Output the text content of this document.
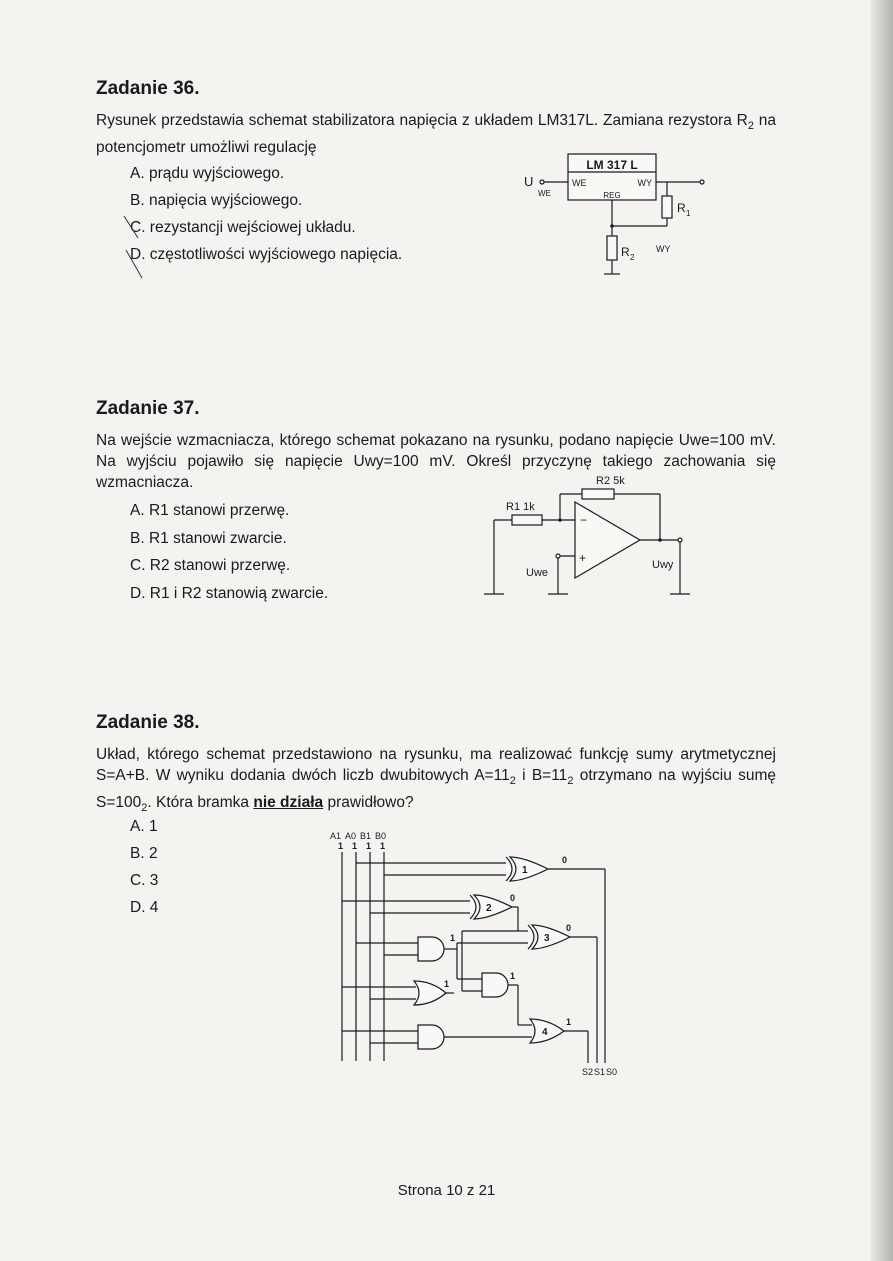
Zadanie 36.

Rysunek przedstawia schemat stabilizatora napięcia z układem LM317L. Zamiana rezystora $R_2$ na potencjometr umożliwi regulację

A. prądu wyjściowego.
B. napięcia wyjściowego.
C. rezystancji wejściowej układu.
D. częstotliwości wyjściowego napięcia.
LM 317 L
WE	WY
REG
U
WE
R 1
R 2
WY
Zadanie 37.

Na wejście wzmacniacza, którego schemat pokazano na rysunku, podano napięcie Uwe=100 mV. Na wyjściu pojawiło się napięcie Uwy=100 mV. Określ przyczynę takiego zachowania się wzmacniacza.

A. R1 stanowi przerwę.
B. R1 stanowi zwarcie.
C. R2 stanowi przerwę.
D. R1 i R2 stanowią zwarcie.
−
+
R1 1k
R2 5k
Uwy
Uwe
Zadanie 38.

Układ, którego schemat przedstawiono na rysunku, ma realizować funkcję sumy arytmetycznej S=A+B. W wyniku dodania dwóch liczb dwubitowych $A=11_2$ i $B=11_2$ otrzymano na wyjściu sumę $S=100_2$. Która bramka nie działa prawidłowo?

A. 1
B. 2
C. 3
D. 4
A1 A0 B1 B0
1 1 1 1
1
0
2
0
3
0
1
1
1
4
1
S2 S1 S0
Strona 10 z 21
